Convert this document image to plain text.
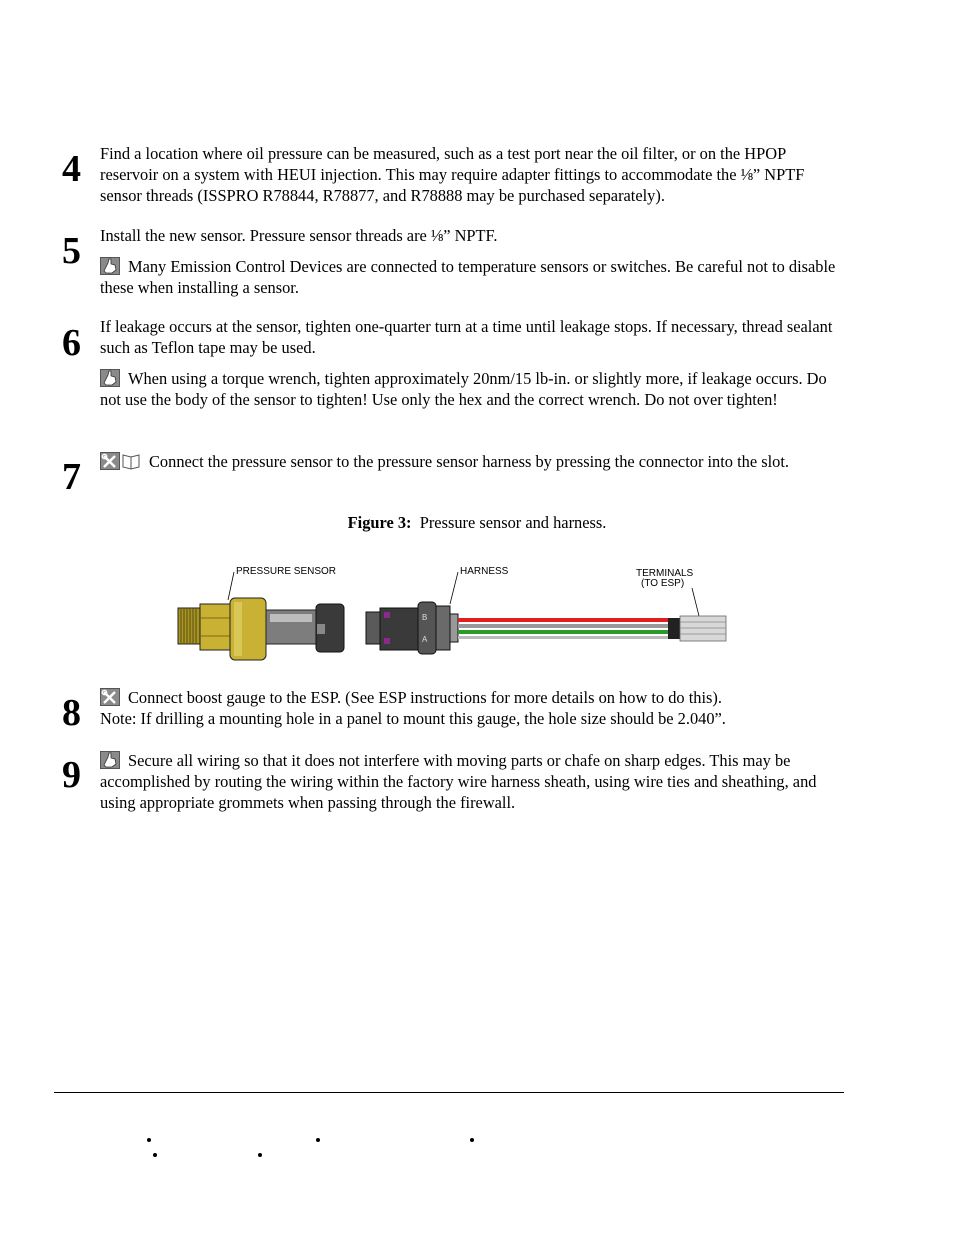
4 Find a location where oil pressure can be measured, such as a test port near the oil filter, or on the HPOP reservoir on a system with HEUI injection. This may require adapter fittings to accommodate the ⅛” NPTF sensor threads (ISSPRO R78844, R78877, and R78888 may be purchased separately).
5 Install the new sensor. Pressure sensor threads are ⅛” NPTF.
Many Emission Control Devices are connected to temperature sensors or switches. Be careful not to disable these when installing a sensor.
6 If leakage occurs at the sensor, tighten one-quarter turn at a time until leakage stops. If necessary, thread sealant such as Teflon tape may be used.
When using a torque wrench, tighten approximately 20nm/15 lb-in. or slightly more, if leakage occurs. Do not use the body of the sensor to tighten! Use only the hex and the correct wrench. Do not over tighten!
7	Connect the pressure sensor to the pressure sensor harness by pressing the connector into the slot.
Figure 3: Pressure sensor and harness.
PRESSURE SENSOR	HARNESS	TERMINALS
(TO ESP)
B
A
8	Connect boost gauge to the ESP. (See ESP instructions for more details on how to do this).
Note: If drilling a mounting hole in a panel to mount this gauge, the hole size should be 2.040”.
9	Secure all wiring so that it does not interfere with moving parts or chafe on sharp edges. This may be accomplished by routing the wiring within the factory wire harness sheath, using wire ties and sheathing, and using appropriate grommets when passing through the firewall.
